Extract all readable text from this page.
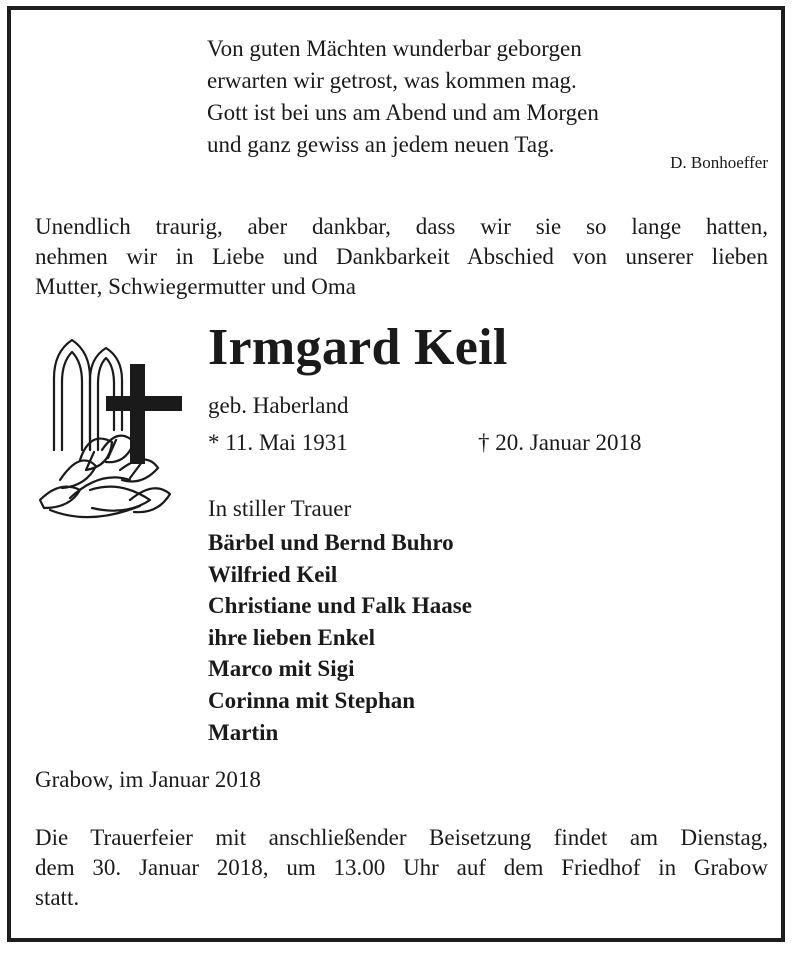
Von guten Mächten wunderbar geborgen
erwarten wir getrost, was kommen mag.
Gott ist bei uns am Abend und am Morgen
und ganz gewiss an jedem neuen Tag.
D. Bonhoeffer
Unendlich traurig, aber dankbar, dass wir sie so lange hatten,
nehmen wir in Liebe und Dankbarkeit Abschied von unserer lieben
Mutter, Schwiegermutter und Oma
Irmgard Keil
geb. Haberland
* 11. Mai 1931	† 20. Januar 2018
In stiller Trauer
Bärbel und Bernd Buhro
Wilfried Keil
Christiane und Falk Haase
ihre lieben Enkel
Marco mit Sigi
Corinna mit Stephan
Martin
Grabow, im Januar 2018
Die Trauerfeier mit anschließender Beisetzung findet am Dienstag,
dem 30. Januar 2018, um 13.00 Uhr auf dem Friedhof in Grabow
statt.
